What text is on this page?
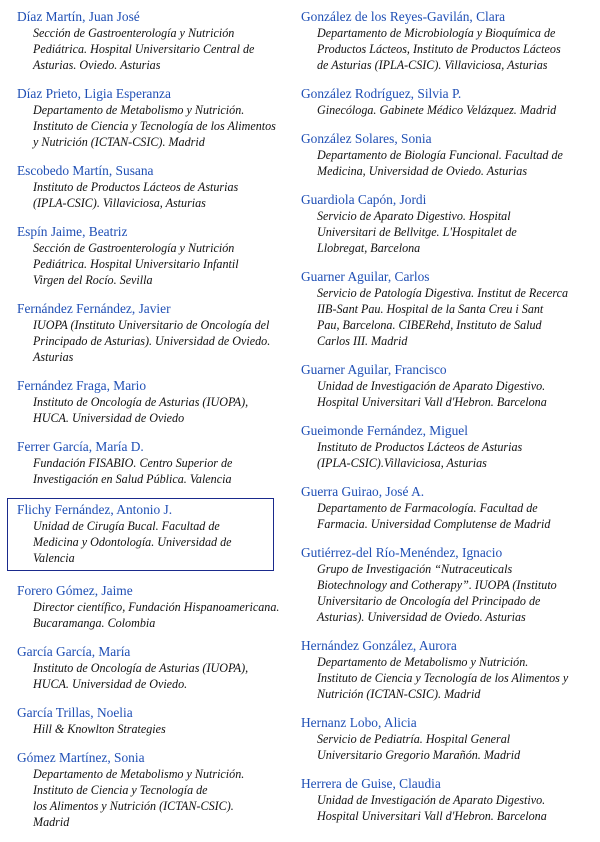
Díaz Martín, Juan José
Sección de Gastroenterología y Nutrición
Pediátrica. Hospital Universitario Central de
Asturias. Oviedo. Asturias
Díaz Prieto, Ligia Esperanza
Departamento de Metabolismo y Nutrición.
Instituto de Ciencia y Tecnología de los Alimentos
y Nutrición (ICTAN-CSIC). Madrid
Escobedo Martín, Susana
Instituto de Productos Lácteos de Asturias
(IPLA-CSIC). Villaviciosa, Asturias
Espín Jaime, Beatriz
Sección de Gastroenterología y Nutrición
Pediátrica. Hospital Universitario Infantil
Virgen del Rocío. Sevilla
Fernández Fernández, Javier
IUOPA (Instituto Universitario de Oncología del
Principado de Asturias). Universidad de Oviedo.
Asturias
Fernández Fraga, Mario
Instituto de Oncología de Asturias (IUOPA),
HUCA. Universidad de Oviedo
Ferrer García, María D.
Fundación FISABIO. Centro Superior de
Investigación en Salud Pública. Valencia
Flichy Fernández, Antonio J.
Unidad de Cirugía Bucal. Facultad de
Medicina y Odontología. Universidad de
Valencia
Forero Gómez, Jaime
Director científico, Fundación Hispanoamericana.
Bucaramanga. Colombia
García García, María
Instituto de Oncología de Asturias (IUOPA),
HUCA. Universidad de Oviedo.
García Trillas, Noelia
Hill & Knowlton Strategies
Gómez Martínez, Sonia
Departamento de Metabolismo y Nutrición.
Instituto de Ciencia y Tecnología de
los Alimentos y Nutrición (ICTAN-CSIC).
Madrid
González de los Reyes-Gavilán, Clara
Departamento de Microbiología y Bioquímica de
Productos Lácteos, Instituto de Productos Lácteos
de Asturias (IPLA-CSIC). Villaviciosa, Asturias
González Rodríguez, Silvia P.
Ginecóloga. Gabinete Médico Velázquez. Madrid
González Solares, Sonia
Departamento de Biología Funcional. Facultad de
Medicina, Universidad de Oviedo. Asturias
Guardiola Capón, Jordi
Servicio de Aparato Digestivo. Hospital
Universitari de Bellvitge. L'Hospitalet de
Llobregat, Barcelona
Guarner Aguilar, Carlos
Servicio de Patología Digestiva. Institut de Recerca
IIB-Sant Pau. Hospital de la Santa Creu i Sant
Pau, Barcelona. CIBERehd, Instituto de Salud
Carlos III. Madrid
Guarner Aguilar, Francisco
Unidad de Investigación de Aparato Digestivo.
Hospital Universitari Vall d'Hebron. Barcelona
Gueimonde Fernández, Miguel
Instituto de Productos Lácteos de Asturias
(IPLA-CSIC).Villaviciosa, Asturias
Guerra Guirao, José A.
Departamento de Farmacología. Facultad de
Farmacia. Universidad Complutense de Madrid
Gutiérrez-del Río-Menéndez, Ignacio
Grupo de Investigación “Nutraceuticals
Biotechnology and Cotherapy”. IUOPA (Instituto
Universitario de Oncología del Principado de
Asturias). Universidad de Oviedo. Asturias
Hernández González, Aurora
Departamento de Metabolismo y Nutrición.
Instituto de Ciencia y Tecnología de los Alimentos y
Nutrición (ICTAN-CSIC). Madrid
Hernanz Lobo, Alicia
Servicio de Pediatría. Hospital General
Universitario Gregorio Marañón. Madrid
Herrera de Guise, Claudia
Unidad de Investigación de Aparato Digestivo.
Hospital Universitari Vall d'Hebron. Barcelona
